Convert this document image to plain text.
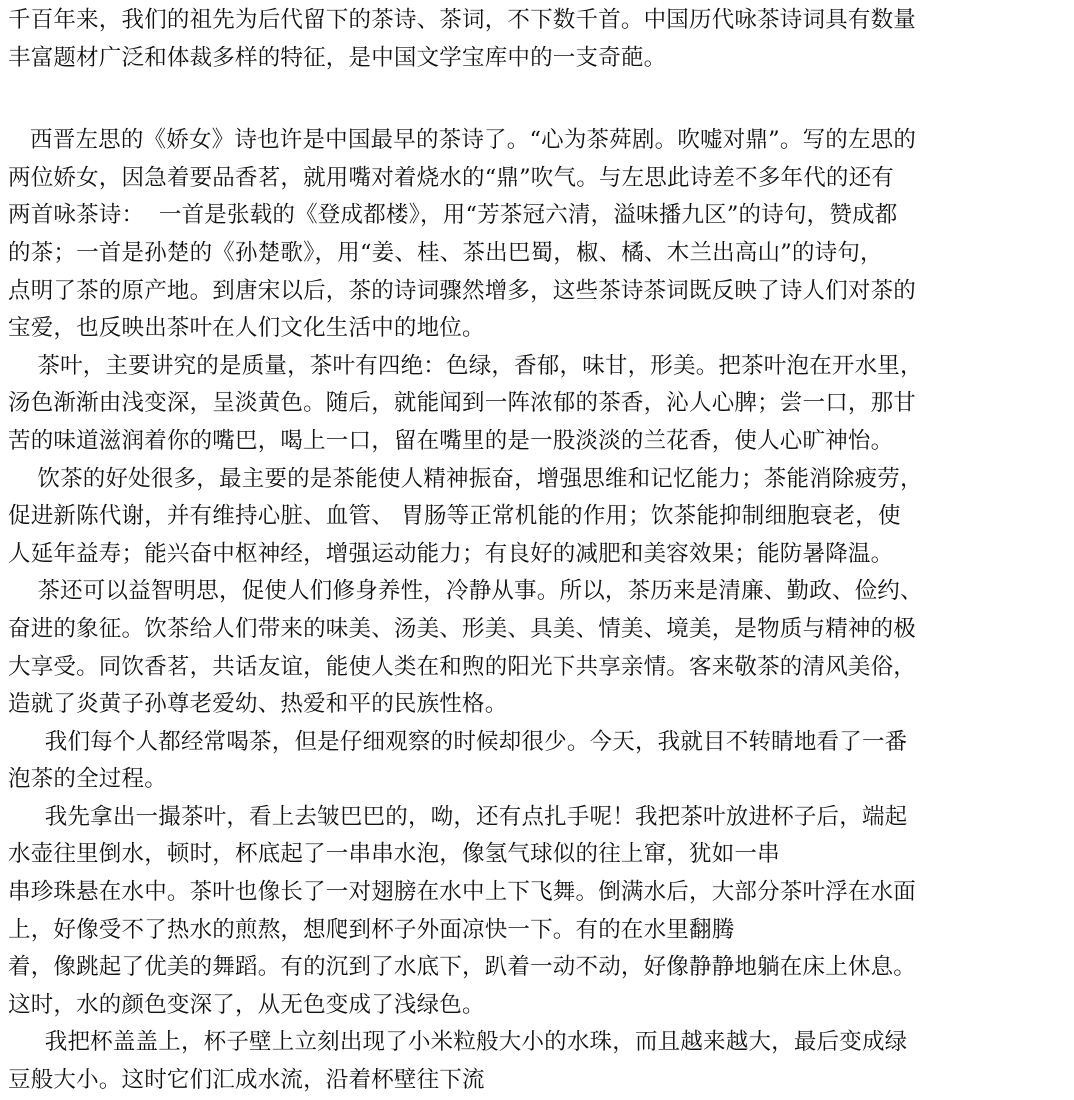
千百年来，我们的祖先为后代留下的茶诗、茶词，不下数千首。中国历代咏茶诗词具有数量
丰富题材广泛和体裁多样的特征，是中国文学宝库中的一支奇葩。
西晋左思的《娇女》诗也许是中国最早的茶诗了。“心为茶荈剧。吹嘘对鼎”。写的左思的
两位娇女，因急着要品香茗，就用嘴对着烧水的“鼎”吹气。与左思此诗差不多年代的还有
两首咏茶诗：  一首是张载的《登成都楼》，用“芳茶冠六清，溢味播九区”的诗句，赞成都
的茶；一首是孙楚的《孙楚歌》，用“姜、桂、茶出巴蜀，椒、橘、木兰出高山”的诗句，
点明了茶的原产地。到唐宋以后，茶的诗词骤然增多，这些茶诗茶词既反映了诗人们对茶的
宝爱，也反映出茶叶在人们文化生活中的地位。
茶叶，主要讲究的是质量，茶叶有四绝：色绿，香郁，味甘，形美。把茶叶泡在开水里，
汤色渐渐由浅变深，呈淡黄色。随后，就能闻到一阵浓郁的茶香，沁人心脾；尝一口，那甘
苦的味道滋润着你的嘴巴，喝上一口，留在嘴里的是一股淡淡的兰花香，使人心旷神怡。
饮茶的好处很多，最主要的是茶能使人精神振奋，增强思维和记忆能力；茶能消除疲劳，
促进新陈代谢，并有维持心脏、血管、 胃肠等正常机能的作用；饮茶能抑制细胞衰老，使
人延年益寿；能兴奋中枢神经，增强运动能力；有良好的减肥和美容效果；能防暑降温。
茶还可以益智明思，促使人们修身养性，冷静从事。所以，茶历来是清廉、勤政、俭约、
奋进的象征。饮茶给人们带来的味美、汤美、形美、具美、情美、境美，是物质与精神的极
大享受。同饮香茗，共话友谊，能使人类在和煦的阳光下共享亲情。客来敬茶的清风美俗，
造就了炎黄子孙尊老爱幼、热爱和平的民族性格。
我们每个人都经常喝茶，但是仔细观察的时候却很少。今天，我就目不转睛地看了一番
泡茶的全过程。
我先拿出一撮茶叶，看上去皱巴巴的，呦，还有点扎手呢！我把茶叶放进杯子后，端起
水壶往里倒水，顿时，杯底起了一串串水泡，像氢气球似的往上窜，犹如一串
串珍珠悬在水中。茶叶也像长了一对翅膀在水中上下飞舞。倒满水后，大部分茶叶浮在水面
上，好像受不了热水的煎熬，想爬到杯子外面凉快一下。有的在水里翻腾
着，像跳起了优美的舞蹈。有的沉到了水底下，趴着一动不动，好像静静地躺在床上休息。
这时，水的颜色变深了，从无色变成了浅绿色。
我把杯盖盖上，杯子壁上立刻出现了小米粒般大小的水珠，而且越来越大，最后变成绿
豆般大小。这时它们汇成水流，沿着杯壁往下流
